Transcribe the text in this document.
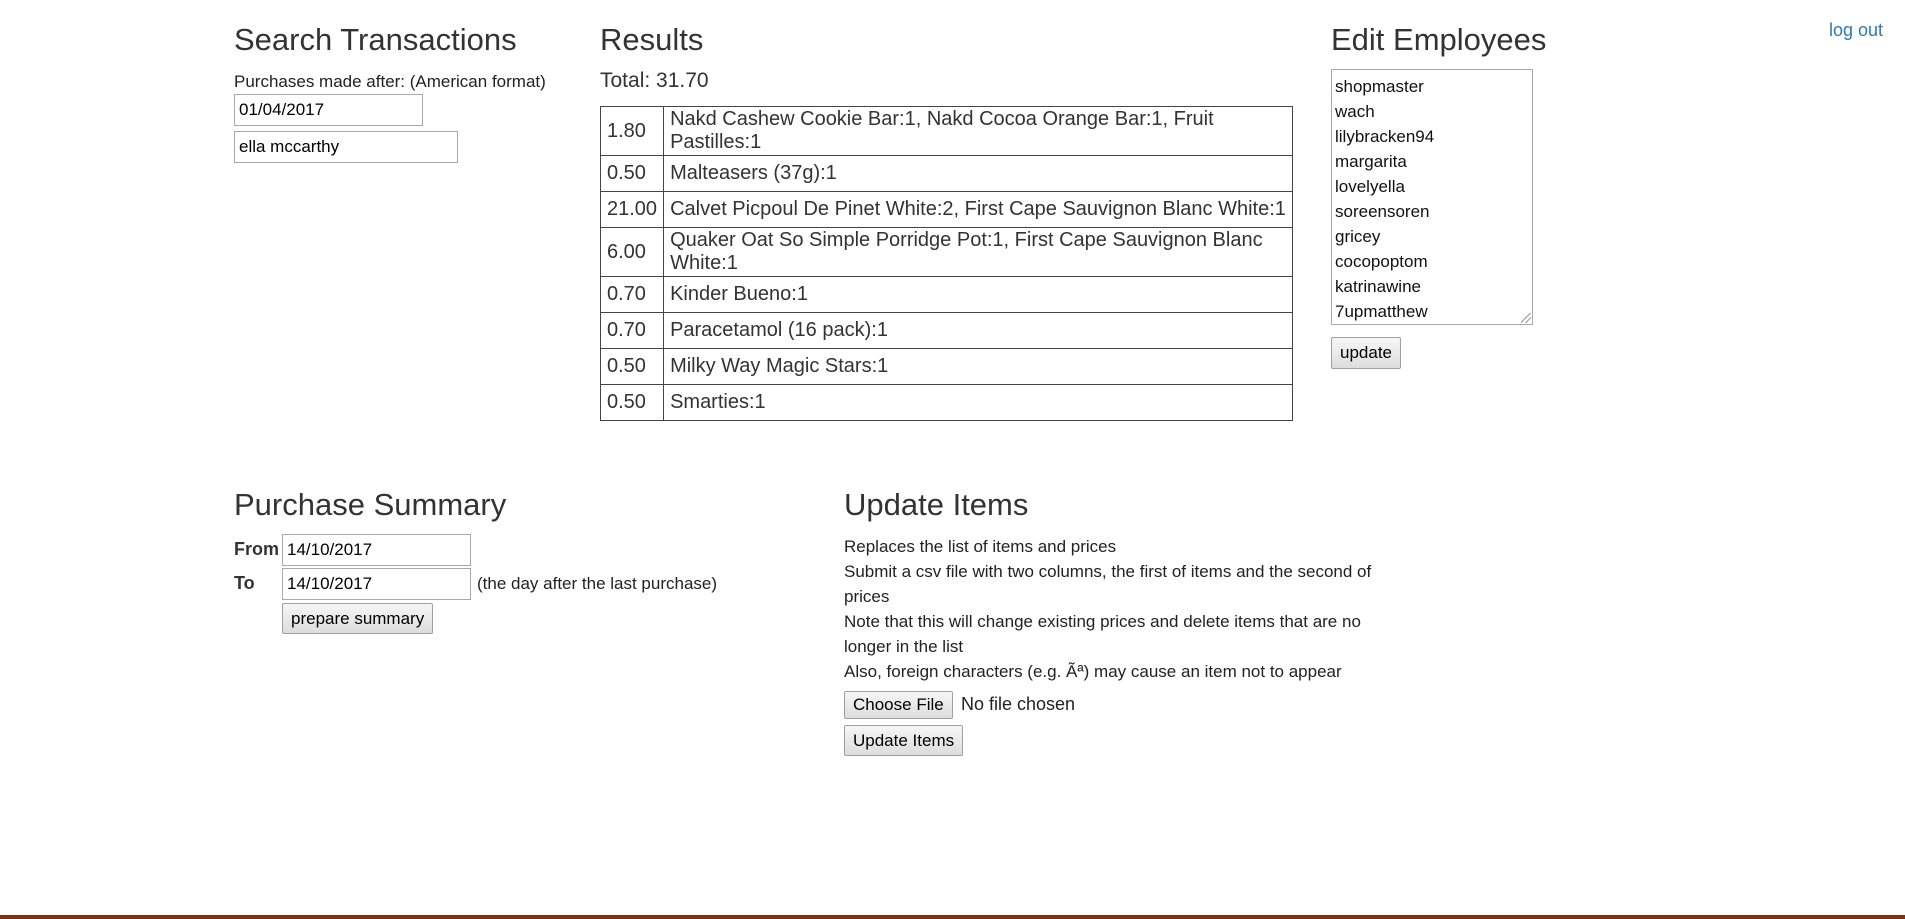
log out
Search Transactions
Purchases made after: (American format)
01/04/2017
ella mccarthy
Results
Total: 31.70
1.80	Nakd Cashew Cookie Bar:1, Nakd Cocoa Orange Bar:1, Fruit Pastilles:1
0.50	Malteasers (37g):1
21.00	Calvet Picpoul De Pinet White:2, First Cape Sauvignon Blanc White:1
6.00	Quaker Oat So Simple Porridge Pot:1, First Cape Sauvignon Blanc White:1
0.70	Kinder Bueno:1
0.70	Paracetamol (16 pack):1
0.50	Milky Way Magic Stars:1
0.50	Smarties:1
Edit Employees
shopmaster
wach
lilybracken94
margarita
lovelyella
soreensoren
gricey
cocopoptom
katrinawine
7upmatthew
update
Purchase Summary
From
14/10/2017
To
14/10/2017	(the day after the last purchase)
prepare summary
Update Items
Replaces the list of items and prices
Submit a csv file with two columns, the first of items and the second of prices
Note that this will change existing prices and delete items that are no longer in the list
Also, foreign characters (e.g. Ãª) may cause an item not to appear
Choose File No file chosen
Update Items
